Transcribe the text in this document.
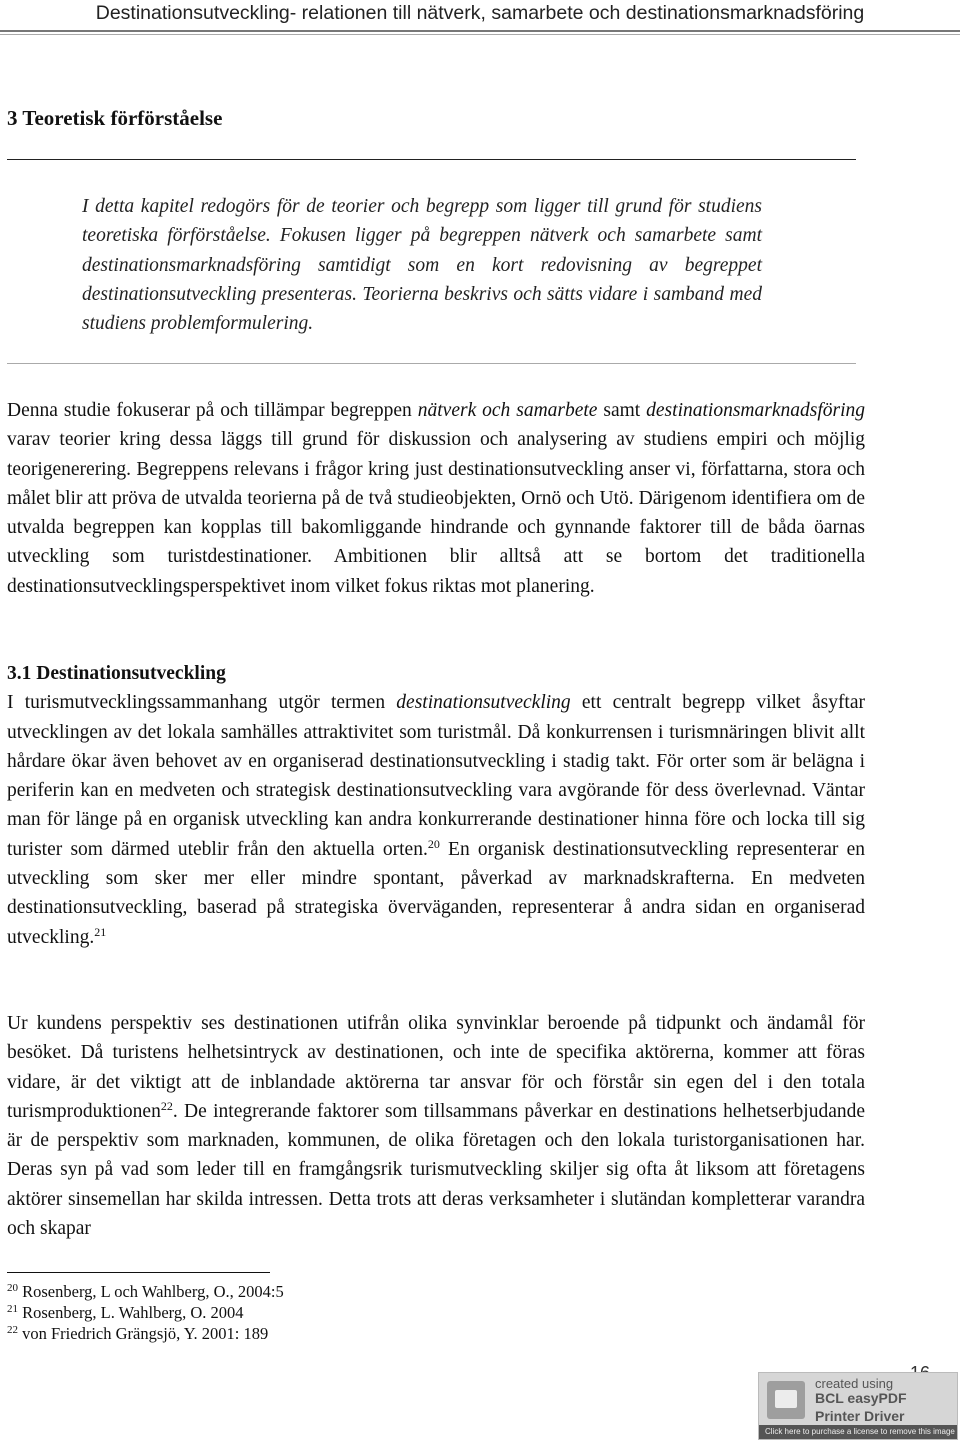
Destinationsutveckling- relationen till nätverk, samarbete och destinationsmarknadsföring
3 Teoretisk förförståelse
I detta kapitel redogörs för de teorier och begrepp som ligger till grund för studiens teoretiska förförståelse. Fokusen ligger på begreppen nätverk och samarbete samt destinationsmarknadsföring samtidigt som en kort redovisning av begreppet destinationsutveckling presenteras. Teorierna beskrivs och sätts vidare i samband med studiens problemformulering.
Denna studie fokuserar på och tillämpar begreppen nätverk och samarbete samt destinationsmarknadsföring varav teorier kring dessa läggs till grund för diskussion och analysering av studiens empiri och möjlig teorigenerering. Begreppens relevans i frågor kring just destinationsutveckling anser vi, författarna, stora och målet blir att pröva de utvalda teorierna på de två studieobjekten, Ornö och Utö. Därigenom identifiera om de utvalda begreppen kan kopplas till bakomliggande hindrande och gynnande faktorer till de båda öarnas utveckling som turistdestinationer. Ambitionen blir alltså att se bortom det traditionella destinationsutvecklingsperspektivet inom vilket fokus riktas mot planering.
3.1 Destinationsutveckling
I turismutvecklingssammanhang utgör termen destinationsutveckling ett centralt begrepp vilket åsyftar utvecklingen av det lokala samhälles attraktivitet som turistmål. Då konkurrensen i turismnäringen blivit allt hårdare ökar även behovet av en organiserad destinationsutveckling i stadig takt. För orter som är belägna i periferin kan en medveten och strategisk destinationsutveckling vara avgörande för dess överlevnad. Väntar man för länge på en organisk utveckling kan andra konkurrerande destinationer hinna före och locka till sig turister som därmed uteblir från den aktuella orten.$^{20}$ En organisk destinationsutveckling representerar en utveckling som sker mer eller mindre spontant, påverkad av marknadskrafterna. En medveten destinationsutveckling, baserad på strategiska överväganden, representerar å andra sidan en organiserad utveckling.$^{21}$
Ur kundens perspektiv ses destinationen utifrån olika synvinklar beroende på tidpunkt och ändamål för besöket. Då turistens helhetsintryck av destinationen, och inte de specifika aktörerna, kommer att föras vidare, är det viktigt att de inblandade aktörerna tar ansvar för och förstår sin egen del i den totala turismproduktionen$^{22}$. De integrerande faktorer som tillsammans påverkar en destinations helhetserbjudande är de perspektiv som marknaden, kommunen, de olika företagen och den lokala turistorganisationen har. Deras syn på vad som leder till en framgångsrik turismutveckling skiljer sig ofta åt liksom att företagens aktörer sinsemellan har skilda intressen. Detta trots att deras verksamheter i slutändan kompletterar varandra och skapar
$^{20}$ Rosenberg, L och Wahlberg, O., 2004:5
$^{21}$ Rosenberg, L. Wahlberg, O. 2004
$^{22}$ von Friedrich Grängsjö, Y. 2001: 189
created using
BCL easyPDF
Printer Driver
Click here to purchase a license to remove this image
